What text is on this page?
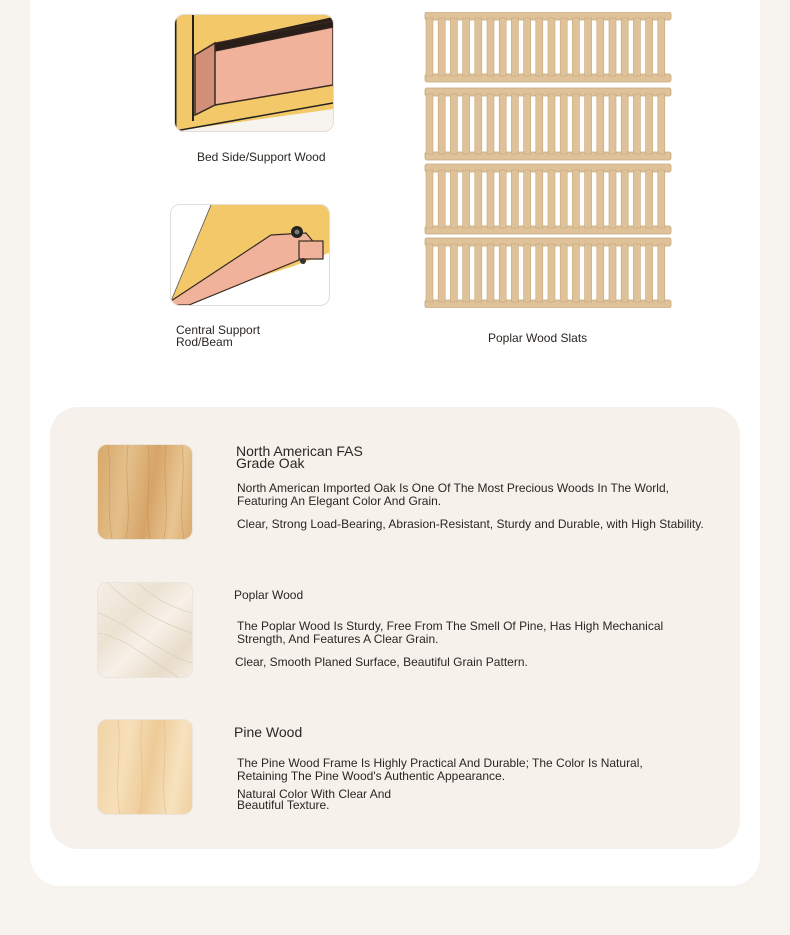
Bed Side/Support Wood
Central Support
Rod/Beam	Poplar Wood Slats
North American FAS
Grade Oak
North American Imported Oak Is One Of The Most Precious Woods In The World,
Featuring An Elegant Color And Grain.
Clear, Strong Load-Bearing, Abrasion-Resistant, Sturdy and Durable, with High Stability.
Poplar Wood
The Poplar Wood Is Sturdy, Free From The Smell Of Pine, Has High Mechanical
Strength, And Features A Clear Grain.
Clear, Smooth Planed Surface, Beautiful Grain Pattern.
Pine Wood
The Pine Wood Frame Is Highly Practical And Durable; The Color Is Natural,
Retaining The Pine Wood's Authentic Appearance.
Natural Color With Clear And
Beautiful Texture.
